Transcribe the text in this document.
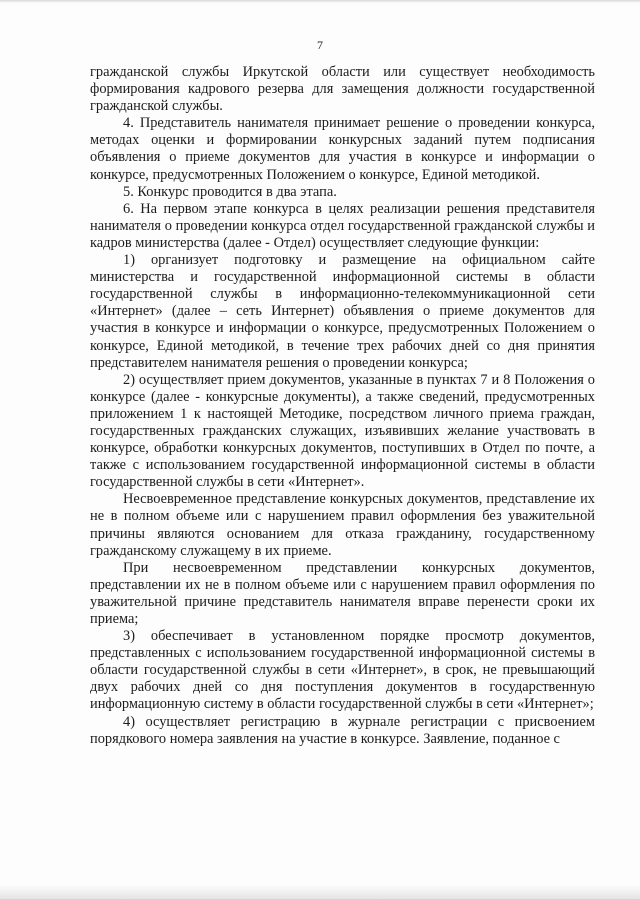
7

гражданской службы Иркутской области или существует необходимость формирования кадрового резерва для замещения должности государственной гражданской службы.

4. Представитель нанимателя принимает решение о проведении конкурса, методах оценки и формировании конкурсных заданий путем подписания объявления о приеме документов для участия в конкурсе и информации о конкурсе, предусмотренных Положением о конкурсе, Единой методикой.

5. Конкурс проводится в два этапа.

6. На первом этапе конкурса в целях реализации решения представителя нанимателя о проведении конкурса отдел государственной гражданской службы и кадров министерства (далее - Отдел) осуществляет следующие функции:

1) организует подготовку и размещение на официальном сайте министерства и государственной информационной системы в области государственной службы в информационно-телекоммуникационной сети «Интернет» (далее – сеть Интернет) объявления о приеме документов для участия в конкурсе и информации о конкурсе, предусмотренных Положением о конкурсе, Единой методикой, в течение трех рабочих дней со дня принятия представителем нанимателя решения о проведении конкурса;

2) осуществляет прием документов, указанные в пунктах 7 и 8 Положения о конкурсе (далее - конкурсные документы), а также сведений, предусмотренных приложением 1 к настоящей Методике, посредством личного приема граждан, государственных гражданских служащих, изъявивших желание участвовать в конкурсе, обработки конкурсных документов, поступивших в Отдел по почте, а также с использованием государственной информационной системы в области государственной службы в сети «Интернет».

Несвоевременное представление конкурсных документов, представление их не в полном объеме или с нарушением правил оформления без уважительной причины являются основанием для отказа гражданину, государственному гражданскому служащему в их приеме.

При несвоевременном представлении конкурсных документов, представлении их не в полном объеме или с нарушением правил оформления по уважительной причине представитель нанимателя вправе перенести сроки их приема;

3) обеспечивает в установленном порядке просмотр документов, представленных с использованием государственной информационной системы в области государственной службы в сети «Интернет», в срок, не превышающий двух рабочих дней со дня поступления документов в государственную информационную систему в области государственной службы в сети «Интернет»;

4) осуществляет регистрацию в журнале регистрации с присвоением порядкового номера заявления на участие в конкурсе. Заявление, поданное с
